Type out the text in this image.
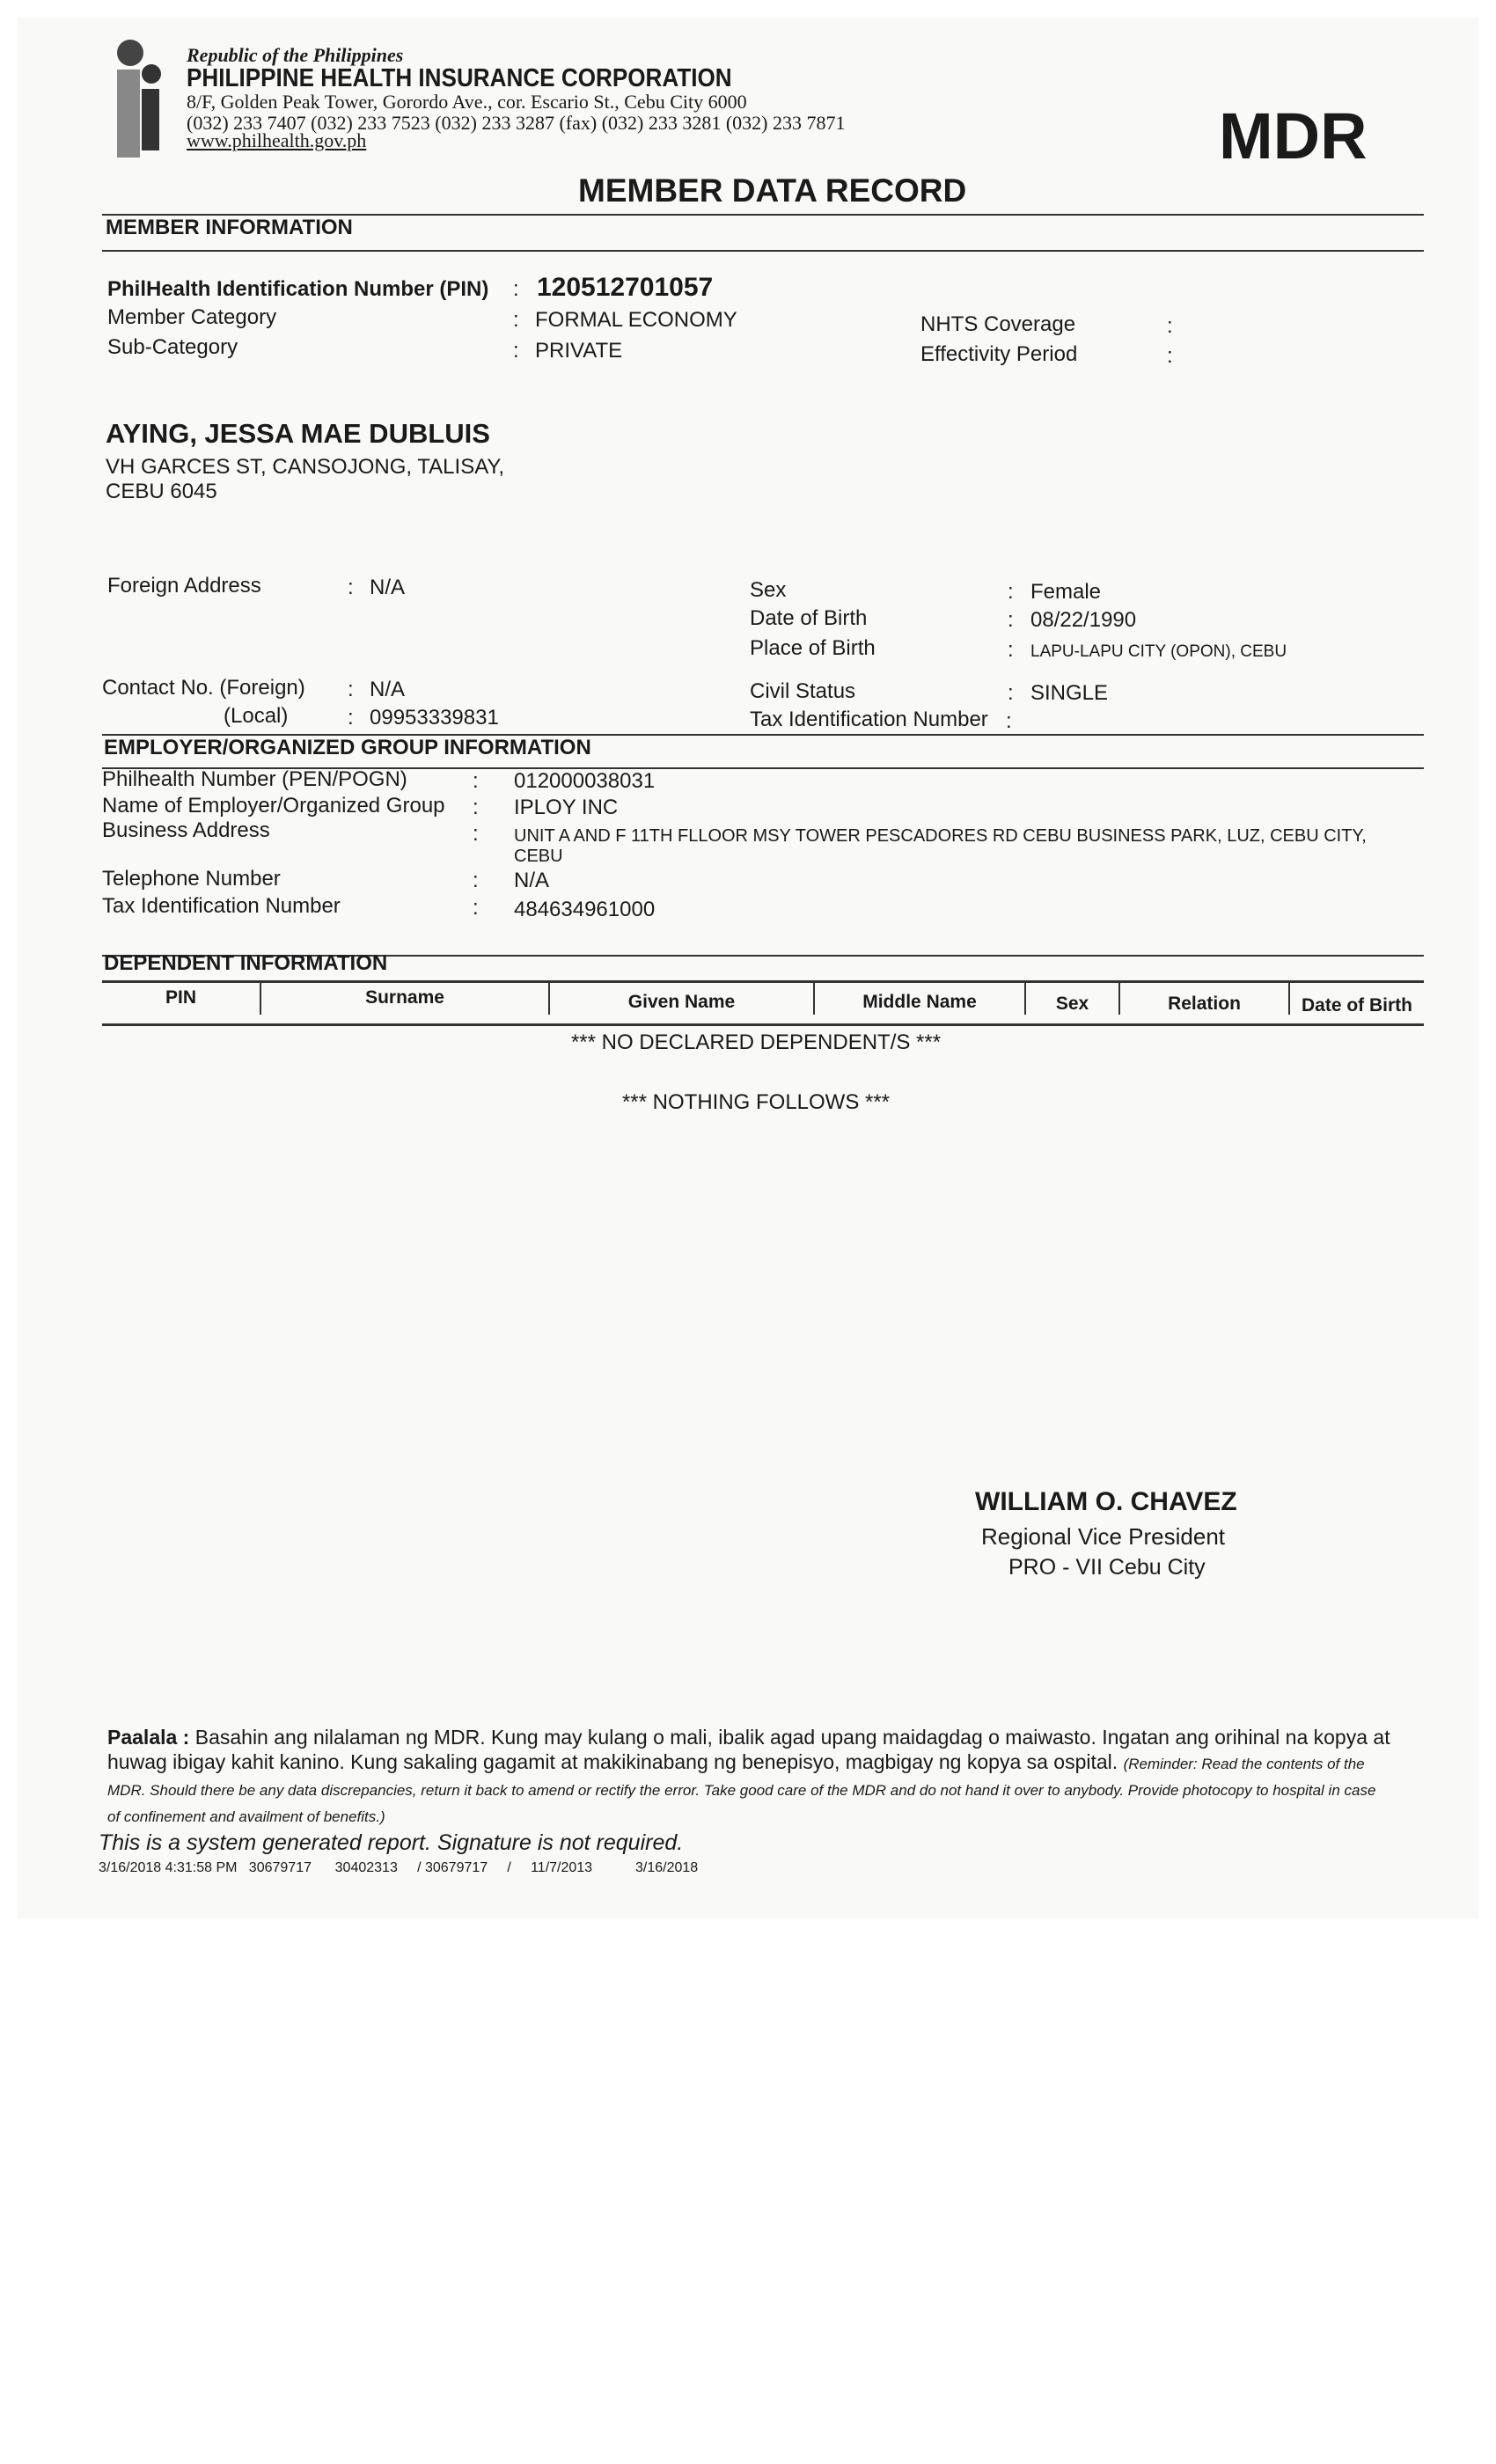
Republic of the Philippines
PHILIPPINE HEALTH INSURANCE CORPORATION
8/F, Golden Peak Tower, Gorordo Ave., cor. Escario St., Cebu City 6000
(032) 233 7407 (032) 233 7523 (032) 233 3287 (fax) (032) 233 3281 (032) 233 7871
www.philhealth.gov.ph	MDR
MEMBER DATA RECORD
MEMBER INFORMATION
PhilHealth Identification Number (PIN) : 120512701057
Member Category	: FORMAL ECONOMY
Sub-Category	: PRIVATE
NHTS Coverage	:
Effectivity Period	:
AYING, JESSA MAE DUBLUIS
VH GARCES ST, CANSOJONG, TALISAY,
CEBU 6045
Foreign Address	: N/A	Sex	: Female
Date of Birth	: 08/22/1990
Place of Birth	: LAPU-LAPU CITY (OPON), CEBU
Contact No. (Foreign) : N/A
(Local)	: 09953339831
Civil Status	: SINGLE
Tax Identification Number :
EMPLOYER/ORGANIZED GROUP INFORMATION
Philhealth Number (PEN/POGN)	: 012000038031
Name of Employer/Organized Group : IPLOY INC
Business Address	: UNIT A AND F 11TH FLLOOR MSY TOWER PESCADORES RD CEBU BUSINESS PARK, LUZ, CEBU CITY,
CEBU
Telephone Number	: N/A
Tax Identification Number	: 484634961000
DEPENDENT INFORMATION
PIN	Surname	Given Name	Middle Name	Sex	Relation	Date of Birth
*** NO DECLARED DEPENDENT/S ***
*** NOTHING FOLLOWS ***
WILLIAM O. CHAVEZ
Regional Vice President
PRO - VII Cebu City
Paalala : Basahin ang nilalaman ng MDR. Kung may kulang o mali, ibalik agad upang maidagdag o maiwasto. Ingatan ang orihinal na kopya at huwag ibigay kahit kanino. Kung sakaling gagamit at makikinabang ng benepisyo, magbigay ng kopya sa ospital. (Reminder: Read the contents of the MDR. Should there be any data discrepancies, return it back to amend or rectify the error. Take good care of the MDR and do not hand it over to anybody. Provide photocopy to hospital in case of confinement and availment of benefits.)
This is a system generated report. Signature is not required.
3/16/2018 4:31:58 PM 30679717 30402313 / 30679717 / 11/7/2013	3/16/2018
